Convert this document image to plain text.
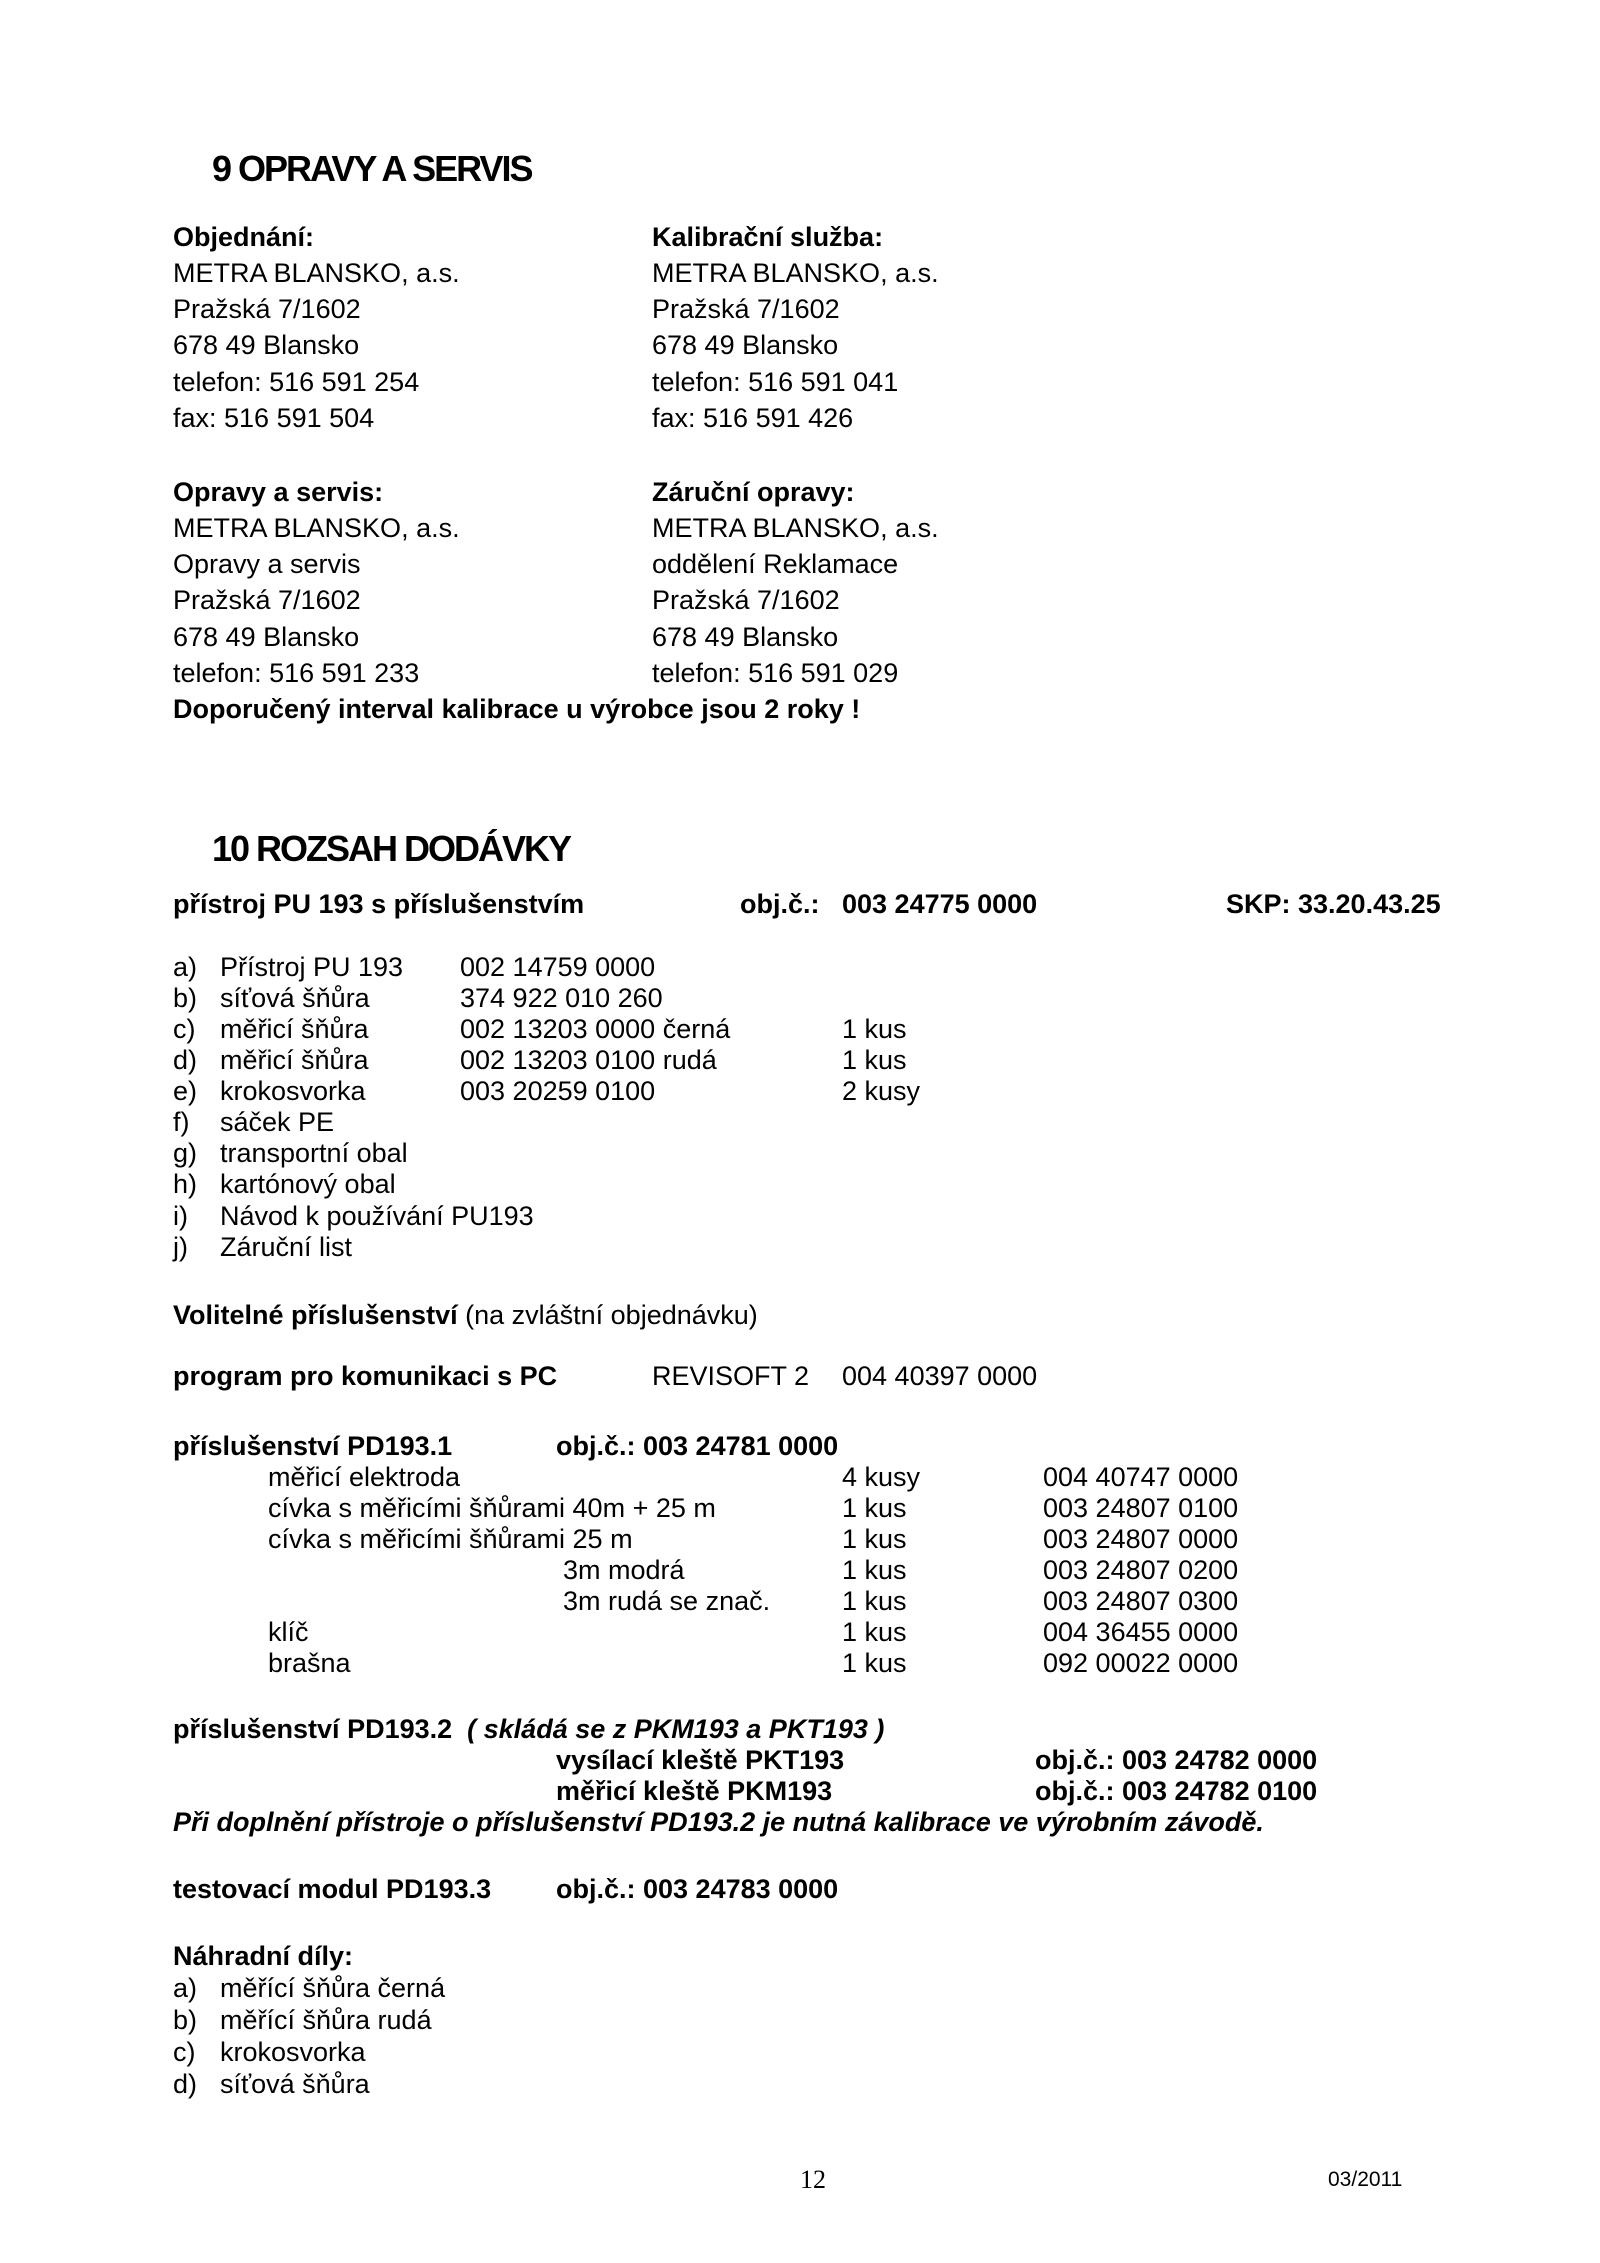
9 OPRAVY A SERVIS
Objednání:
METRA BLANSKO, a.s.
Pražská 7/1602
678 49 Blansko
telefon: 516 591 254
fax: 516 591 504
Kalibrační služba:
METRA BLANSKO, a.s.
Pražská 7/1602
678 49 Blansko
telefon: 516 591 041
fax: 516 591 426
Opravy a servis:
METRA BLANSKO, a.s.
Opravy a servis
Pražská 7/1602
678 49 Blansko
telefon: 516 591 233
Záruční opravy:
METRA BLANSKO, a.s.
oddělení Reklamace
Pražská 7/1602
678 49 Blansko
telefon: 516 591 029
Doporučený interval kalibrace u výrobce jsou 2 roky !
10 ROZSAH DODÁVKY
přístroj PU 193 s příslušenstvím	obj.č.: 003 24775 0000	SKP: 33.20.43.25
a) Přístroj PU 193 002 14759 0000
b) síťová šňůra	374 922 010 260
c) měřicí šňůra	002 13203 0000 černá	1 kus
d) měřicí šňůra	002 13203 0100 rudá	1 kus
e) krokosvorka	003 20259 0100	2 kusy
f) sáček PE
g) transportní obal
h) kartónový obal
i) Návod k používání PU193
j) Záruční list
Volitelné příslušenství (na zvláštní objednávku)
program pro komunikaci s PC	REVISOFT 2 004 40397 0000
příslušenství PD193.1	obj.č.: 003 24781 0000
měřicí elektroda	4 kusy	004 40747 0000
cívka s měřicími šňůrami 40m + 25 m	1 kus	003 24807 0100
cívka s měřicími šňůrami 25 m	1 kus	003 24807 0000
3m modrá	1 kus	003 24807 0200
3m rudá se znač.	1 kus	003 24807 0300
klíč	1 kus	004 36455 0000
brašna	1 kus	092 00022 0000
příslušenství PD193.2 ( skládá se z PKM193 a PKT193 )
vysílací kleště PKT193	obj.č.: 003 24782 0000
měřicí kleště PKM193	obj.č.: 003 24782 0100
Při doplnění přístroje o příslušenství PD193.2 je nutná kalibrace ve výrobním závodě.
testovací modul PD193.3 obj.č.: 003 24783 0000
Náhradní díly:
a) měřící šňůra černá
b) měřící šňůra rudá
c) krokosvorka
d) síťová šňůra
12	03/2011
